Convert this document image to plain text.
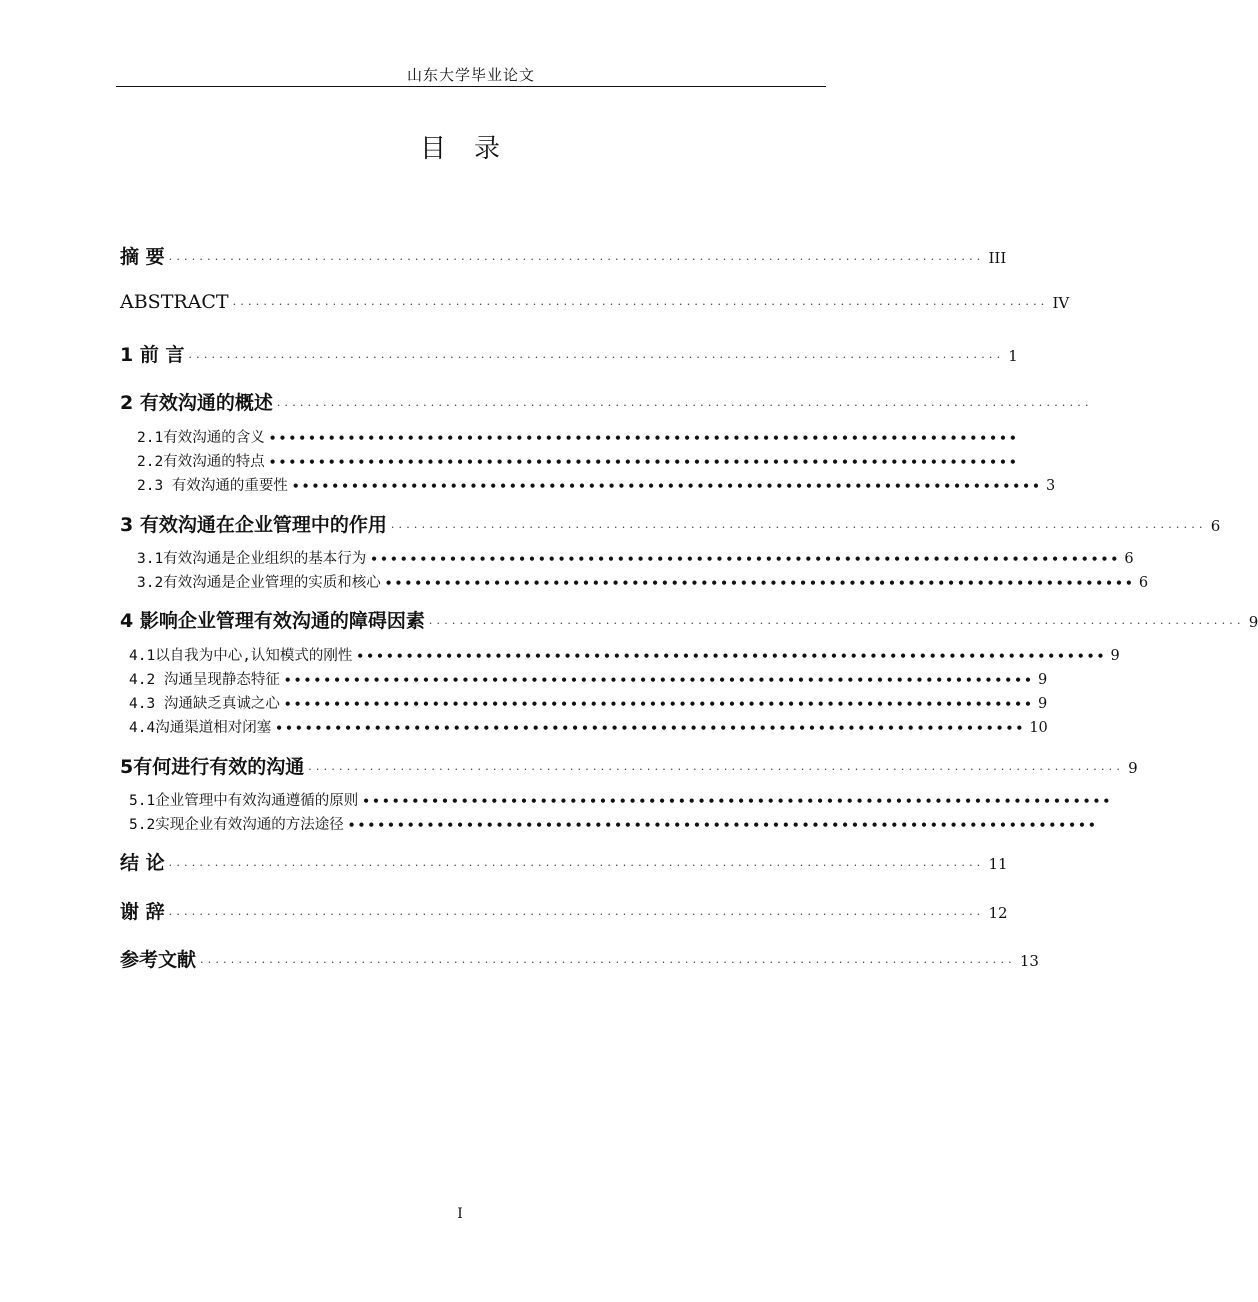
山东大学毕业论文
目录
摘 要 ·········································································································· III
ABSTRACT ·········································································································· IV
1 前 言 ·········································································································· 1
2 有效沟通的概述 ··········································································································
2.1有效沟通的含义 ••••••••••••••••••••••••••••••••••••••••••••••••••••••••••••••••••••••••••••
2.2有效沟通的特点 ••••••••••••••••••••••••••••••••••••••••••••••••••••••••••••••••••••••••••••
2.3 有效沟通的重要性 •••••••••••••••••••••••••••••••••••••••••••••••••••••••••••••••••••••••••••• 3
3 有效沟通在企业管理中的作用 ·········································································································· 6
3.1有效沟通是企业组织的基本行为 •••••••••••••••••••••••••••••••••••••••••••••••••••••••••••••••••••••••••••• 6
3.2有效沟通是企业管理的实质和核心 •••••••••••••••••••••••••••••••••••••••••••••••••••••••••••••••••••••••••••• 6
4 影响企业管理有效沟通的障碍因素 ·········································································································· 9
4.1以自我为中心,认知模式的刚性 •••••••••••••••••••••••••••••••••••••••••••••••••••••••••••••••••••••••••••• 9
4.2 沟通呈现静态特征 •••••••••••••••••••••••••••••••••••••••••••••••••••••••••••••••••••••••••••• 9
4.3 沟通缺乏真诚之心 •••••••••••••••••••••••••••••••••••••••••••••••••••••••••••••••••••••••••••• 9
4.4沟通渠道相对闭塞 •••••••••••••••••••••••••••••••••••••••••••••••••••••••••••••••••••••••••••• 10
5有何进行有效的沟通 ·········································································································· 9
5.1企业管理中有效沟通遵循的原则 ••••••••••••••••••••••••••••••••••••••••••••••••••••••••••••••••••••••••••••
5.2实现企业有效沟通的方法途径 ••••••••••••••••••••••••••••••••••••••••••••••••••••••••••••••••••••••••••••
结 论 ·········································································································· 11
谢 辞 ·········································································································· 12
参考文献 ·········································································································· 13
I
